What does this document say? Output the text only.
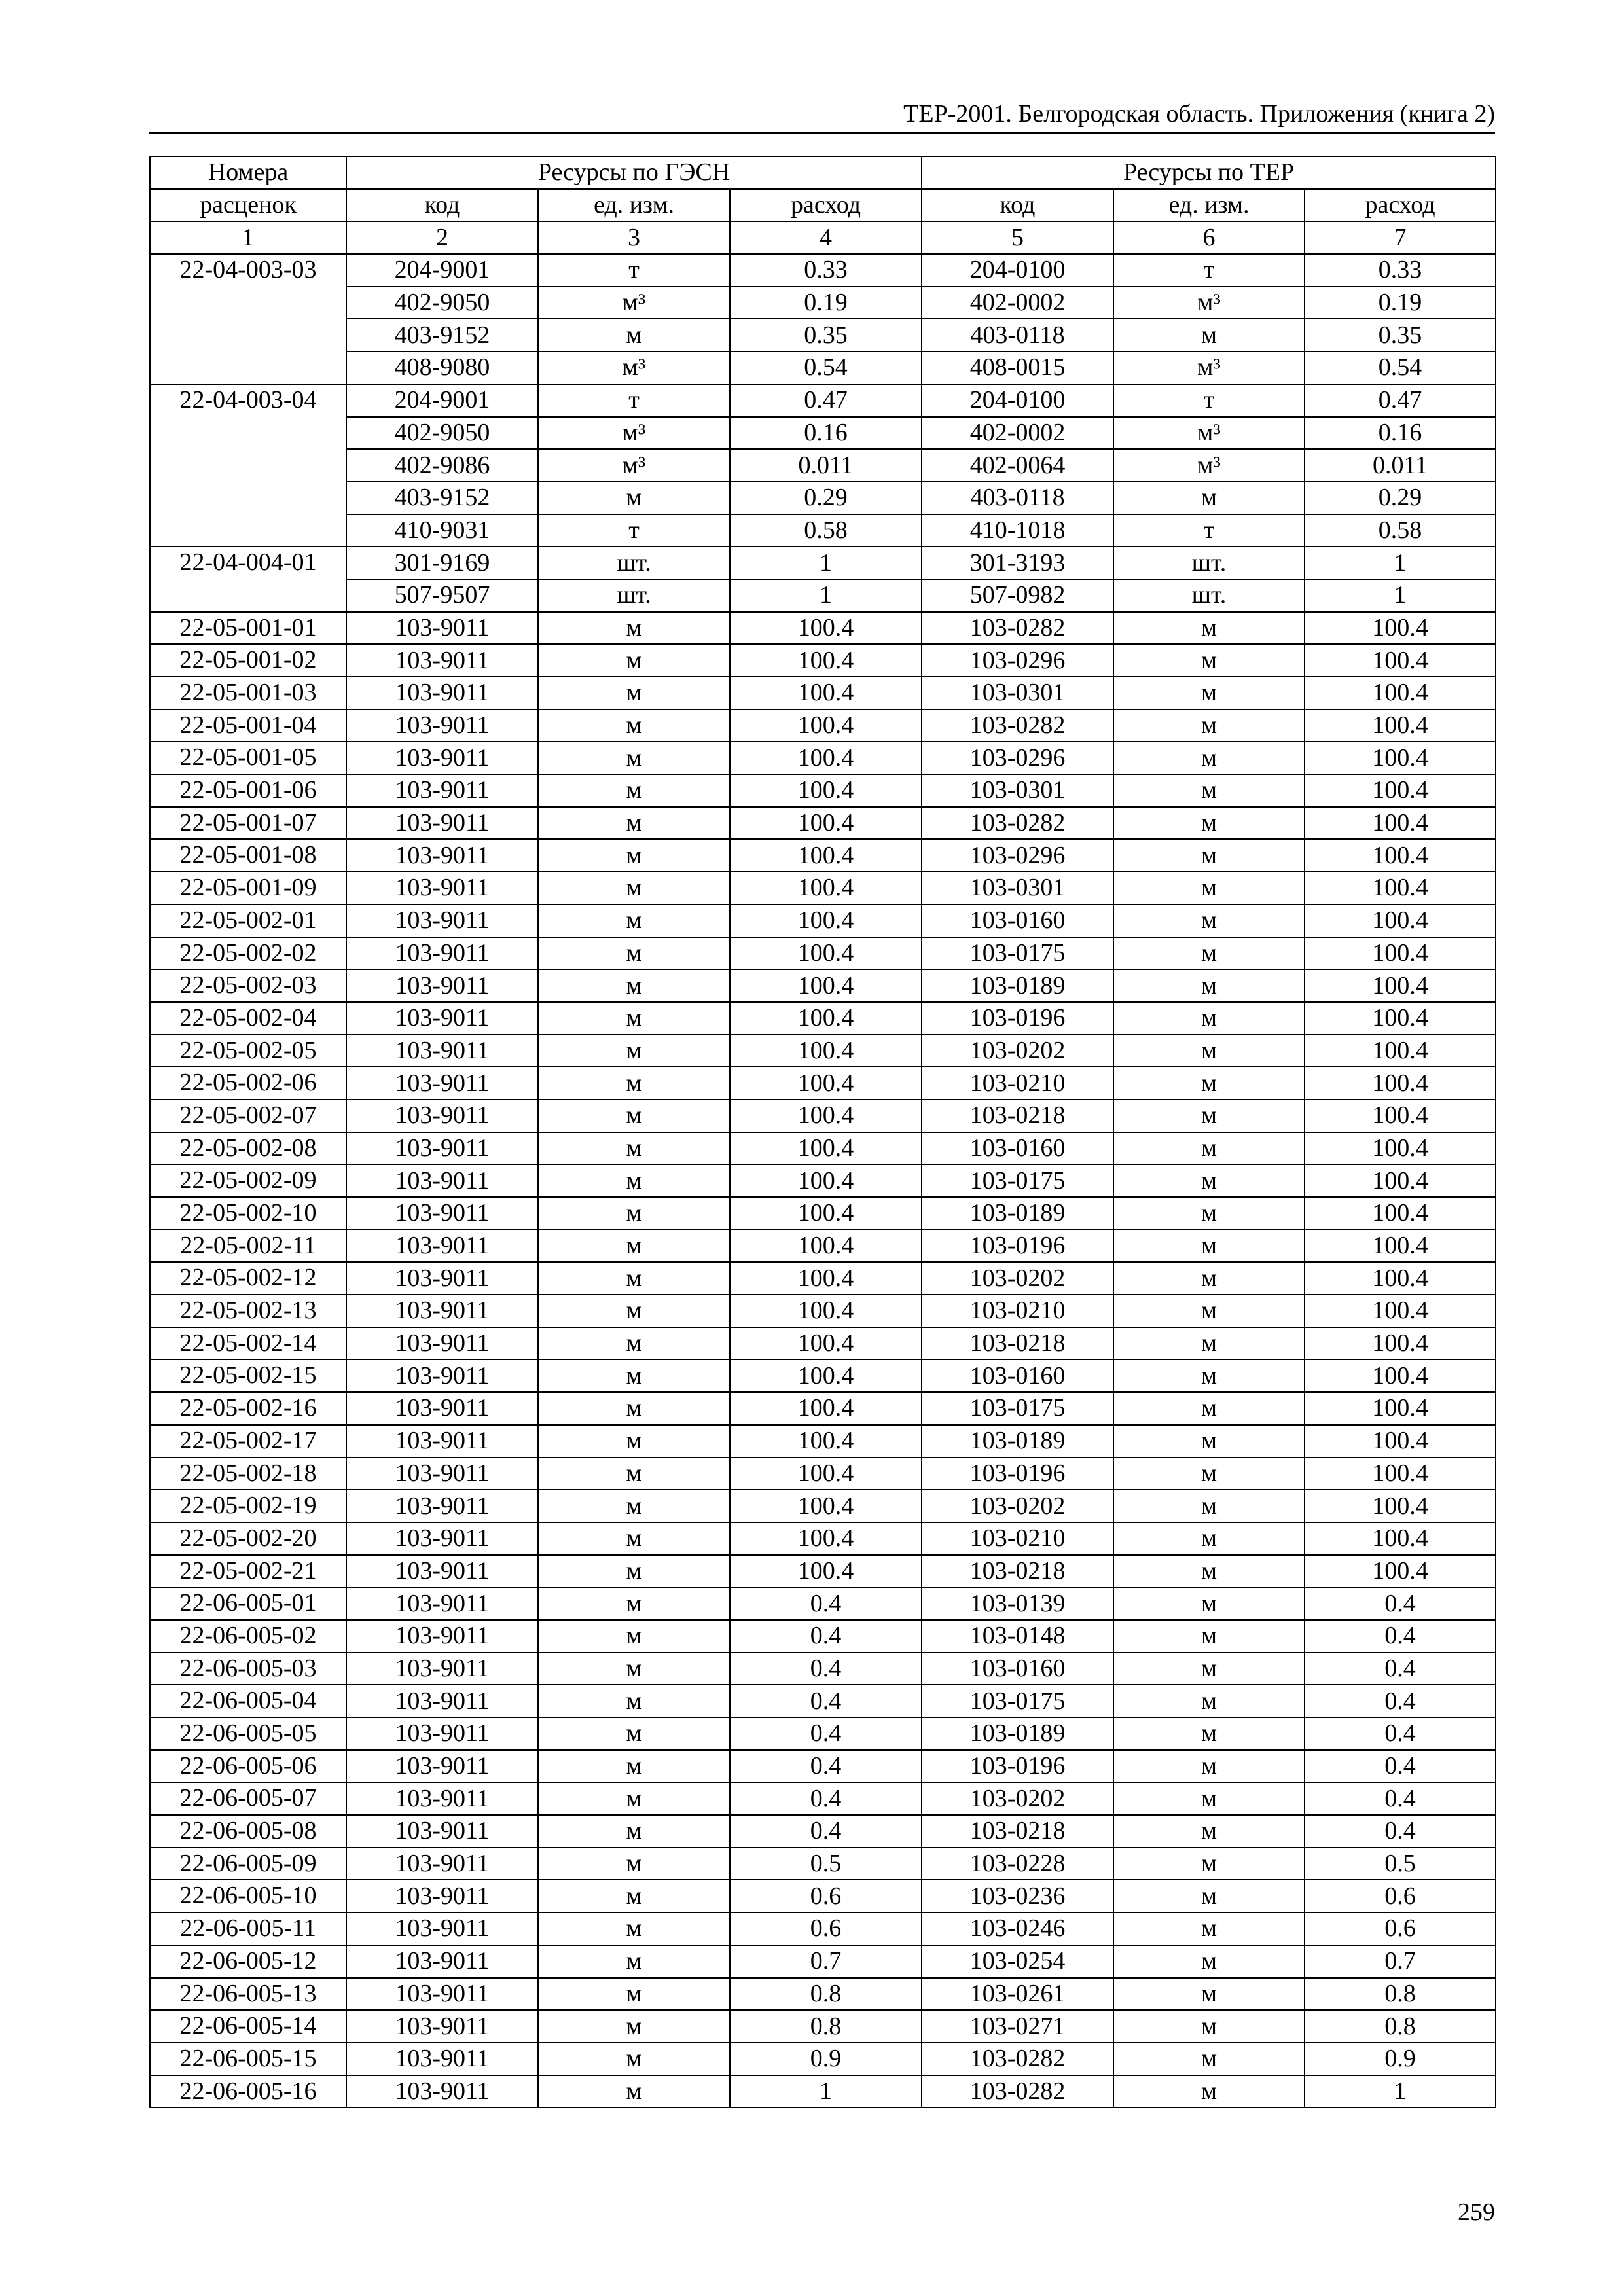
ТЕР-2001. Белгородская область. Приложения (книга 2)
Номера	Ресурсы по ГЭСН			Ресурсы по ТЕР		
расценок	код	ед. изм.	расход	код	ед. изм.	расход
1	2	3	4	5	6	7
22-04-003-03	204-9001	т	0.33	204-0100	т	0.33
	402-9050	м³	0.19	402-0002	м³	0.19
	403-9152	м	0.35	403-0118	м	0.35
	408-9080	м³	0.54	408-0015	м³	0.54
22-04-003-04	204-9001	т	0.47	204-0100	т	0.47
	402-9050	м³	0.16	402-0002	м³	0.16
	402-9086	м³	0.011	402-0064	м³	0.011
	403-9152	м	0.29	403-0118	м	0.29
	410-9031	т	0.58	410-1018	т	0.58
22-04-004-01	301-9169	шт.	1	301-3193	шт.	1
	507-9507	шт.	1	507-0982	шт.	1
22-05-001-01	103-9011	м	100.4	103-0282	м	100.4
22-05-001-02	103-9011	м	100.4	103-0296	м	100.4
22-05-001-03	103-9011	м	100.4	103-0301	м	100.4
22-05-001-04	103-9011	м	100.4	103-0282	м	100.4
22-05-001-05	103-9011	м	100.4	103-0296	м	100.4
22-05-001-06	103-9011	м	100.4	103-0301	м	100.4
22-05-001-07	103-9011	м	100.4	103-0282	м	100.4
22-05-001-08	103-9011	м	100.4	103-0296	м	100.4
22-05-001-09	103-9011	м	100.4	103-0301	м	100.4
22-05-002-01	103-9011	м	100.4	103-0160	м	100.4
22-05-002-02	103-9011	м	100.4	103-0175	м	100.4
22-05-002-03	103-9011	м	100.4	103-0189	м	100.4
22-05-002-04	103-9011	м	100.4	103-0196	м	100.4
22-05-002-05	103-9011	м	100.4	103-0202	м	100.4
22-05-002-06	103-9011	м	100.4	103-0210	м	100.4
22-05-002-07	103-9011	м	100.4	103-0218	м	100.4
22-05-002-08	103-9011	м	100.4	103-0160	м	100.4
22-05-002-09	103-9011	м	100.4	103-0175	м	100.4
22-05-002-10	103-9011	м	100.4	103-0189	м	100.4
22-05-002-11	103-9011	м	100.4	103-0196	м	100.4
22-05-002-12	103-9011	м	100.4	103-0202	м	100.4
22-05-002-13	103-9011	м	100.4	103-0210	м	100.4
22-05-002-14	103-9011	м	100.4	103-0218	м	100.4
22-05-002-15	103-9011	м	100.4	103-0160	м	100.4
22-05-002-16	103-9011	м	100.4	103-0175	м	100.4
22-05-002-17	103-9011	м	100.4	103-0189	м	100.4
22-05-002-18	103-9011	м	100.4	103-0196	м	100.4
22-05-002-19	103-9011	м	100.4	103-0202	м	100.4
22-05-002-20	103-9011	м	100.4	103-0210	м	100.4
22-05-002-21	103-9011	м	100.4	103-0218	м	100.4
22-06-005-01	103-9011	м	0.4	103-0139	м	0.4
22-06-005-02	103-9011	м	0.4	103-0148	м	0.4
22-06-005-03	103-9011	м	0.4	103-0160	м	0.4
22-06-005-04	103-9011	м	0.4	103-0175	м	0.4
22-06-005-05	103-9011	м	0.4	103-0189	м	0.4
22-06-005-06	103-9011	м	0.4	103-0196	м	0.4
22-06-005-07	103-9011	м	0.4	103-0202	м	0.4
22-06-005-08	103-9011	м	0.4	103-0218	м	0.4
22-06-005-09	103-9011	м	0.5	103-0228	м	0.5
22-06-005-10	103-9011	м	0.6	103-0236	м	0.6
22-06-005-11	103-9011	м	0.6	103-0246	м	0.6
22-06-005-12	103-9011	м	0.7	103-0254	м	0.7
22-06-005-13	103-9011	м	0.8	103-0261	м	0.8
22-06-005-14	103-9011	м	0.8	103-0271	м	0.8
22-06-005-15	103-9011	м	0.9	103-0282	м	0.9
22-06-005-16	103-9011	м	1	103-0282	м	1
259
